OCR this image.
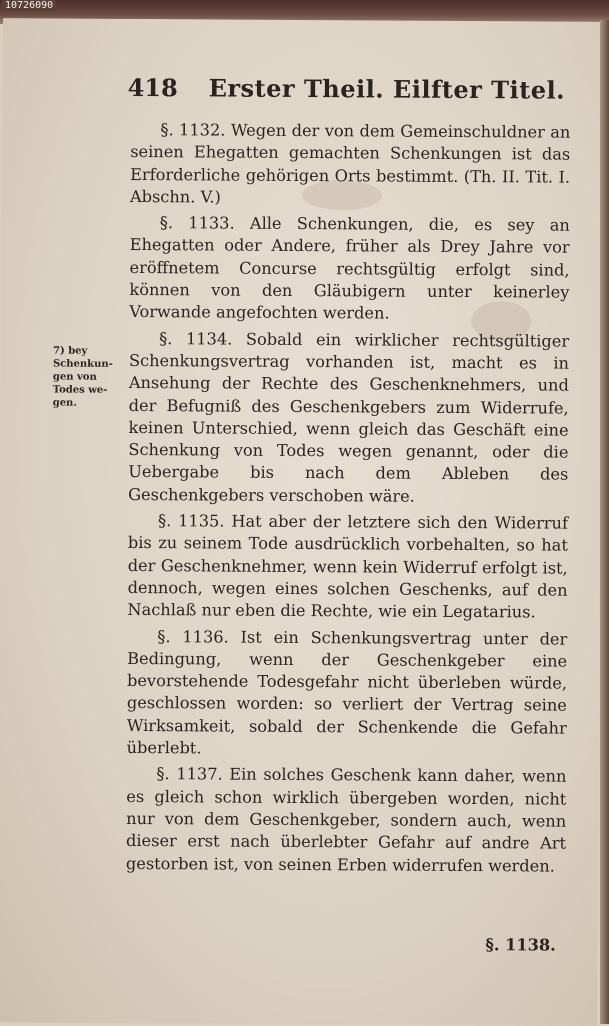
10726090
418 Erster Theil. Eilfter Titel.
7) bey Schenkun-gen von Todes we-gen.

§. 1132. Wegen der von dem Gemeinschuldner an seinen Ehegatten gemachten Schenkungen ist das Erforderliche gehörigen Orts bestimmt. (Th. II. Tit. I. Abschn. V.)

§. 1133. Alle Schenkungen, die, es sey an Ehegatten oder Andere, früher als Drey Jahre vor eröffnetem Concurse rechtsgültig erfolgt sind, können von den Gläubigern unter keinerley Vorwande angefochten werden.

§. 1134. Sobald ein wirklicher rechtsgültiger Schenkungsvertrag vorhanden ist, macht es in Ansehung der Rechte des Geschenknehmers, und der Befugniß des Geschenkgebers zum Widerrufe, keinen Unterschied, wenn gleich das Geschäft eine Schenkung von Todes wegen genannt, oder die Uebergabe bis nach dem Ableben des Geschenkgebers verschoben wäre.

§. 1135. Hat aber der letztere sich den Widerruf bis zu seinem Tode ausdrücklich vorbehalten, so hat der Geschenknehmer, wenn kein Widerruf erfolgt ist, dennoch, wegen eines solchen Geschenks, auf den Nachlaß nur eben die Rechte, wie ein Legatarius.

§. 1136. Ist ein Schenkungsvertrag unter der Bedingung, wenn der Geschenkgeber eine bevorstehende Todesgefahr nicht überleben würde, geschlossen worden: so verliert der Vertrag seine Wirksamkeit, sobald der Schenkende die Gefahr überlebt.

§. 1137. Ein solches Geschenk kann daher, wenn es gleich schon wirklich übergeben worden, nicht nur von dem Geschenkgeber, sondern auch, wenn dieser erst nach überlebter Gefahr auf andre Art gestorben ist, von seinen Erben widerrufen werden.

§. 1138.
